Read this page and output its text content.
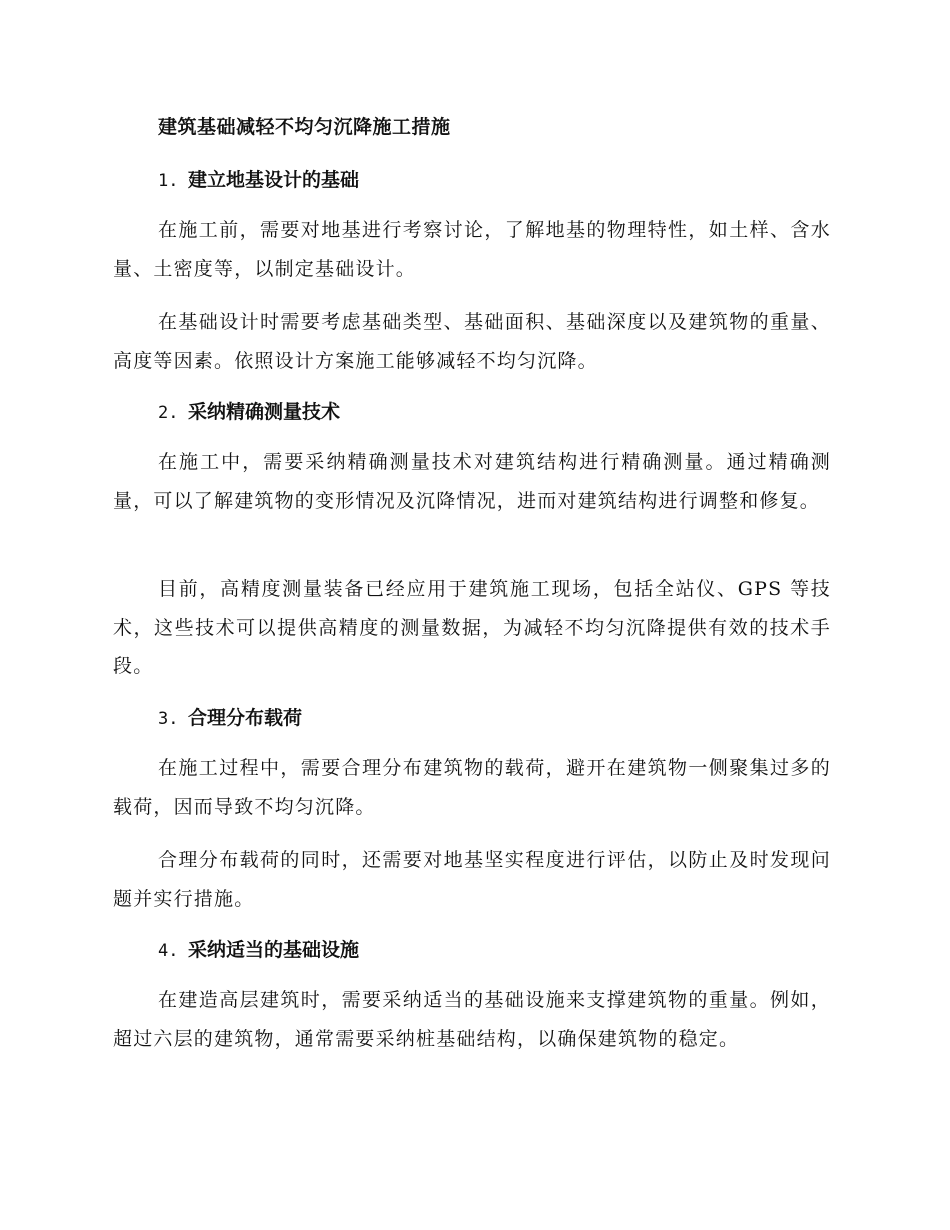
建筑基础减轻不均匀沉降施工措施
1. 建立地基设计的基础

在施工前，需要对地基进行考察讨论，了解地基的物理特性，如土样、含水量、土密度等，以制定基础设计。

在基础设计时需要考虑基础类型、基础面积、基础深度以及建筑物的重量、高度等因素。依照设计方案施工能够减轻不均匀沉降。

2. 采纳精确测量技术

在施工中，需要采纳精确测量技术对建筑结构进行精确测量。通过精确测量，可以了解建筑物的变形情况及沉降情况，进而对建筑结构进行调整和修复。

目前，高精度测量装备已经应用于建筑施工现场，包括全站仪、GPS 等技术，这些技术可以提供高精度的测量数据，为减轻不均匀沉降提供有效的技术手段。

3. 合理分布载荷

在施工过程中，需要合理分布建筑物的载荷，避开在建筑物一侧聚集过多的载荷，因而导致不均匀沉降。

合理分布载荷的同时，还需要对地基坚实程度进行评估，以防止及时发现问题并实行措施。

4. 采纳适当的基础设施

在建造高层建筑时，需要采纳适当的基础设施来支撑建筑物的重量。例如，超过六层的建筑物，通常需要采纳桩基础结构，以确保建筑物的稳定。
